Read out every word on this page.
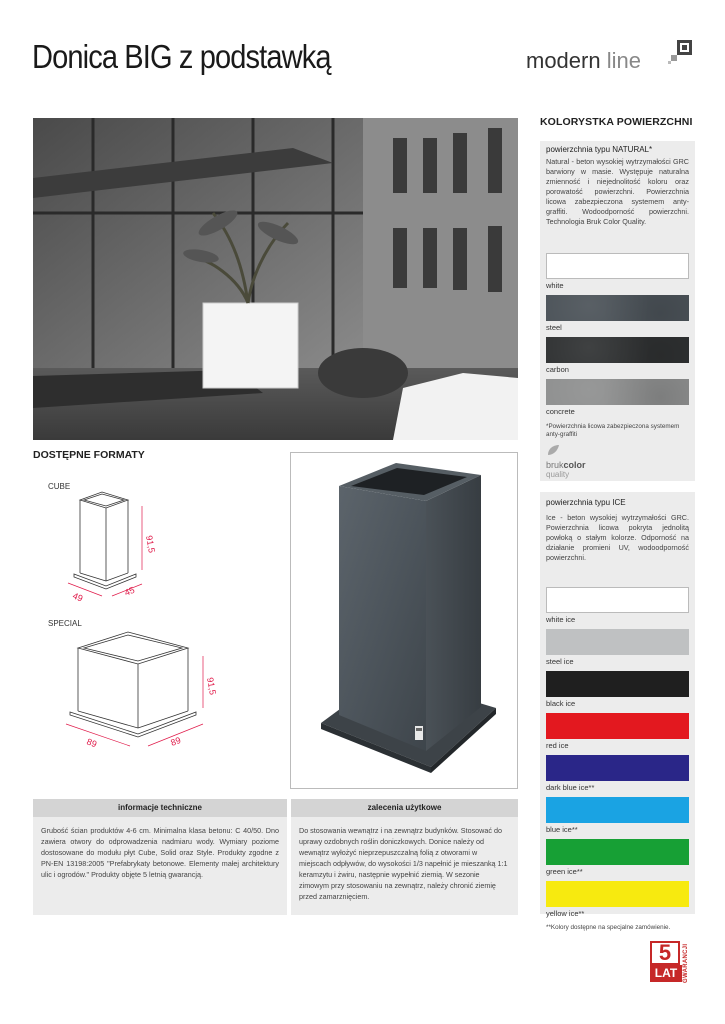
Donica BIG z podstawką	modern line
KOLORYSTKA POWIERZCHNI
powierzchnia typu NATURAL*
Natural - beton wysokiej wytrzymałości GRC barwiony w masie. Występuje naturalna zmienność i niejednolitość koloru oraz porowatość powierzchni. Powierzchnia licowa zabezpieczona systemem anty-graffiti. Wodoodporność powierzchni. Technologia Bruk Color Quality.
white
steel
carbon
concrete
*Powierzchnia licowa zabezpieczona systemem anty-graffiti
brukcolor
quality
powierzchnia typu ICE
Ice - beton wysokiej wytrzymałości GRC. Powierzchnia licowa pokryta jednolitą powłoką o stałym kolorze. Odporność na działanie promieni UV, wodoodporność powierzchni.
white ice
steel ice
black ice
red ice
dark blue ice**
blue ice**
green ice**
yellow ice**
**Kolory dostępne na specjalne zamówienie.
DOSTĘPNE FORMATY
CUBE
SPECIAL
91,5
49	45
91,5
89	89
informacje techniczne
Grubość ścian produktów 4-6 cm. Minimalna klasa betonu: C 40/50. Dno zawiera otwory do odprowadzenia nadmiaru wody. Wymiary poziome dostosowane do modułu płyt Cube, Solid oraz Style. Produkty zgodne z PN-EN 13198:2005 "Prefabrykaty betonowe. Elementy małej architektury ulic i ogrodów." Produkty objęte 5 letnią gwarancją.
zalecenia użytkowe
Do stosowania wewnątrz i na zewnątrz budynków. Stosować do uprawy ozdobnych roślin doniczkowych. Donice należy od wewnątrz wyłożyć nieprzepuszczalną folią z otworami w miejscach odpływów, do wysokości 1/3 napełnić je mieszanką 1:1 keramzytu i żwiru, następnie wypełnić ziemią. W sezonie zimowym przy stosowaniu na zewnątrz, należy chronić ziemię przed zamarznięciem.
5
LAT GWARANCJI
